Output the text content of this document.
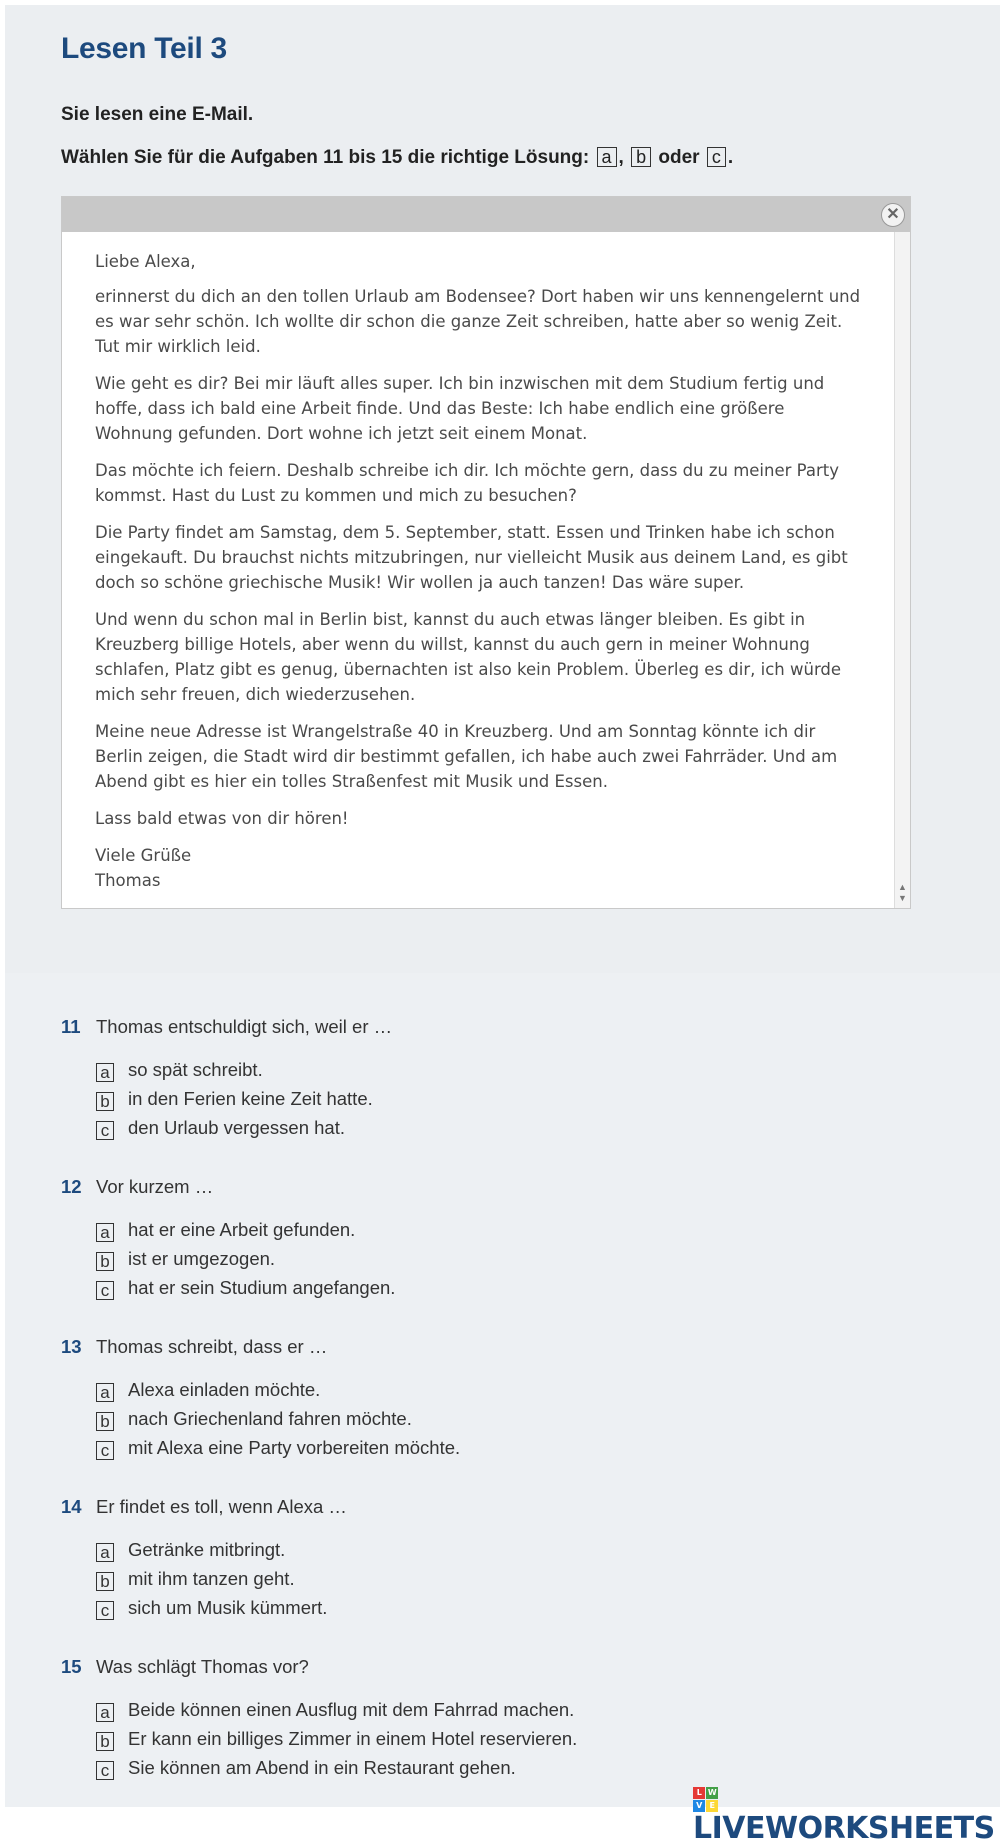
Lesen Teil 3

Sie lesen eine E-Mail.

Wählen Sie für die Aufgaben 11 bis 15 die richtige Lösung: a , b oder c .

✕
▲
▼

Liebe Alexa,

erinnerst du dich an den tollen Urlaub am Bodensee? Dort haben wir uns kennengelernt und es war sehr schön. Ich wollte dir schon die ganze Zeit schreiben, hatte aber so wenig Zeit. Tut mir wirklich leid.

Wie geht es dir? Bei mir läuft alles super. Ich bin inzwischen mit dem Studium fertig und hoffe, dass ich bald eine Arbeit finde. Und das Beste: Ich habe endlich eine größere Wohnung gefunden. Dort wohne ich jetzt seit einem Monat.

Das möchte ich feiern. Deshalb schreibe ich dir. Ich möchte gern, dass du zu meiner Party kommst. Hast du Lust zu kommen und mich zu besuchen?

Die Party findet am Samstag, dem 5. September, statt. Essen und Trinken habe ich schon eingekauft. Du brauchst nichts mitzubringen, nur vielleicht Musik aus deinem Land, es gibt doch so schöne griechische Musik! Wir wollen ja auch tanzen! Das wäre super.

Und wenn du schon mal in Berlin bist, kannst du auch etwas länger bleiben. Es gibt in Kreuzberg billige Hotels, aber wenn du willst, kannst du auch gern in meiner Wohnung schlafen, Platz gibt es genug, übernachten ist also kein Problem. Überleg es dir, ich würde mich sehr freuen, dich wiederzusehen.

Meine neue Adresse ist Wrangelstraße 40 in Kreuzberg. Und am Sonntag könnte ich dir Berlin zeigen, die Stadt wird dir bestimmt gefallen, ich habe auch zwei Fahrräder. Und am Abend gibt es hier ein tolles Straßenfest mit Musik und Essen.

Lass bald etwas von dir hören!

Viele Grüße

Thomas

11 Thomas entschuldigt sich, weil er …
a so spät schreibt.
b in den Ferien keine Zeit hatte.
c den Urlaub vergessen hat.
12 Vor kurzem …
a hat er eine Arbeit gefunden.
b ist er umgezogen.
c hat er sein Studium angefangen.
13 Thomas schreibt, dass er …
a Alexa einladen möchte.
b nach Griechenland fahren möchte.
c mit Alexa eine Party vorbereiten möchte.
14 Er findet es toll, wenn Alexa …
a Getränke mitbringt.
b mit ihm tanzen geht.
c sich um Musik kümmert.
15 Was schlägt Thomas vor?
a Beide können einen Ausflug mit dem Fahrrad machen.
b Er kann ein billiges Zimmer in einem Hotel reservieren.
c Sie können am Abend in ein Restaurant gehen.
L W
V E
LIVEWORKSHEETS
